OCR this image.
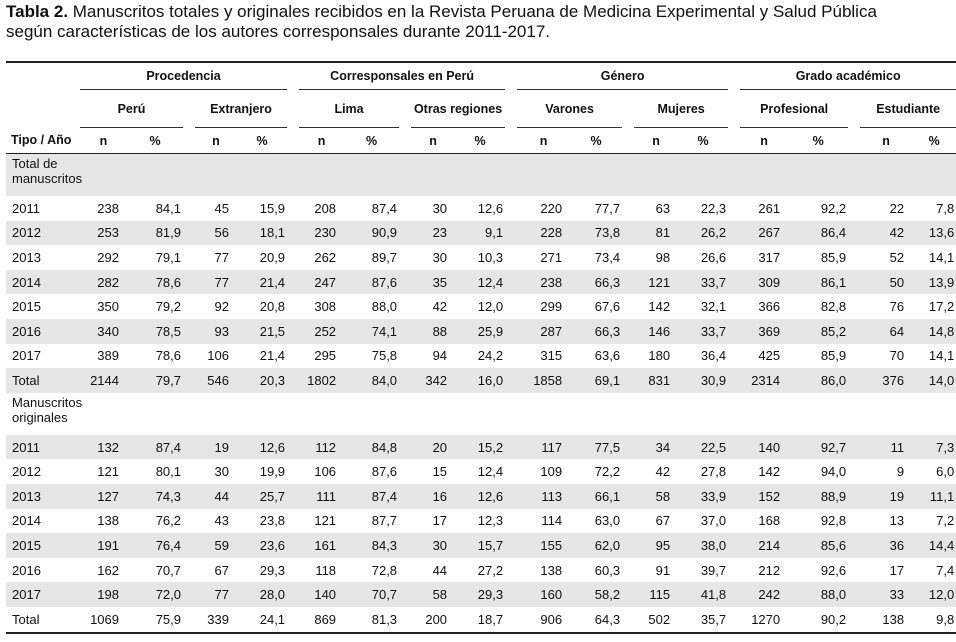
Tabla 2. Manuscritos totales y originales recibidos en la Revista Peruana de Medicina Experimental y Salud Pública según características de los autores corresponsales durante 2011-2017.
	Procedencia						Corresponsales en Perú						Género						Grado académico				
	Perú			Extranjero			Lima			Otras regiones			Varones			Mujeres			Profesional			Estudiante	
Tipo / Año	n	%		n	%		n	%		n	%		n	%		n	%		n	%		n	%

Total de manuscritos																							

2011	238	84,1		45	15,9		208	87,4		30	12,6		220	77,7		63	22,3		261	92,2		22	7,8
2012	253	81,9		56	18,1		230	90,9		23	9,1		228	73,8		81	26,2		267	86,4		42	13,6
2013	292	79,1		77	20,9		262	89,7		30	10,3		271	73,4		98	26,6		317	85,9		52	14,1
2014	282	78,6		77	21,4		247	87,6		35	12,4		238	66,3		121	33,7		309	86,1		50	13,9
2015	350	79,2		92	20,8		308	88,0		42	12,0		299	67,6		142	32,1		366	82,8		76	17,2
2016	340	78,5		93	21,5		252	74,1		88	25,9		287	66,3		146	33,7		369	85,2		64	14,8
2017	389	78,6		106	21,4		295	75,8		94	24,2		315	63,6		180	36,4		425	85,9		70	14,1
Total	2144	79,7		546	20,3		1802	84,0		342	16,0		1858	69,1		831	30,9		2314	86,0		376	14,0

Manuscritos originales																							

2011	132	87,4		19	12,6		112	84,8		20	15,2		117	77,5		34	22,5		140	92,7		11	7,3
2012	121	80,1		30	19,9		106	87,6		15	12,4		109	72,2		42	27,8		142	94,0		9	6,0
2013	127	74,3		44	25,7		111	87,4		16	12,6		113	66,1		58	33,9		152	88,9		19	11,1
2014	138	76,2		43	23,8		121	87,7		17	12,3		114	63,0		67	37,0		168	92,8		13	7,2
2015	191	76,4		59	23,6		161	84,3		30	15,7		155	62,0		95	38,0		214	85,6		36	14,4
2016	162	70,7		67	29,3		118	72,8		44	27,2		138	60,3		91	39,7		212	92,6		17	7,4
2017	198	72,0		77	28,0		140	70,7		58	29,3		160	58,2		115	41,8		242	88,0		33	12,0
Total	1069	75,9		339	24,1		869	81,3		200	18,7		906	64,3		502	35,7		1270	90,2		138	9,8
